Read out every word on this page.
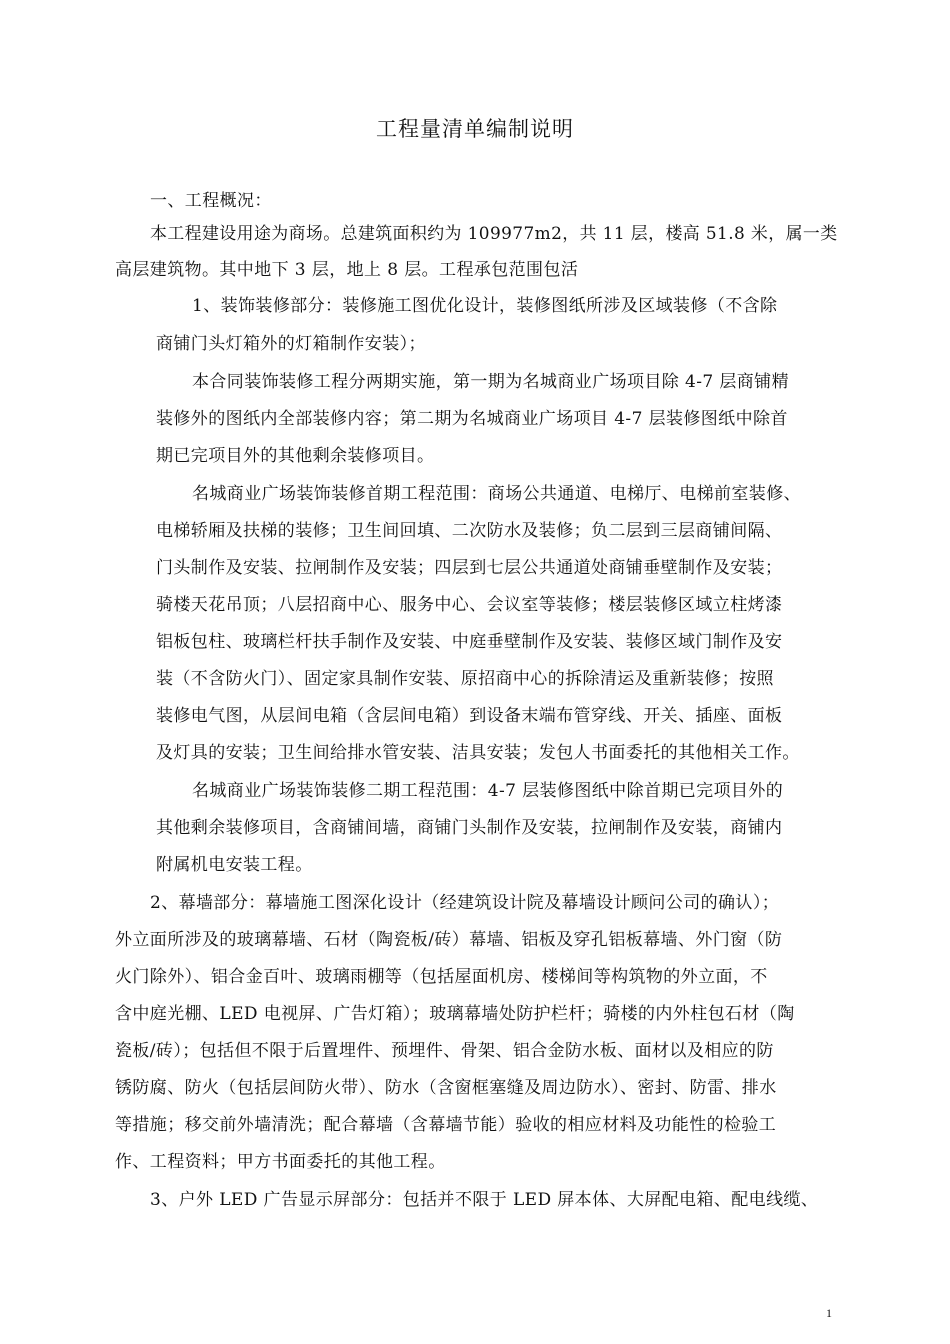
工程量清单编制说明
一、工程概况：
本工程建设用途为商场。总建筑面积约为 109977m2，共 11 层，楼高 51.8 米，属一类
高层建筑物。其中地下 3 层，地上 8 层。工程承包范围包活
1、装饰装修部分：装修施工图优化设计，装修图纸所涉及区域装修（不含除
商铺门头灯箱外的灯箱制作安装）；
本合同装饰装修工程分两期实施，第一期为名城商业广场项目除 4-7 层商铺精
装修外的图纸内全部装修内容；第二期为名城商业广场项目 4-7 层装修图纸中除首
期已完项目外的其他剩余装修项目。
名城商业广场装饰装修首期工程范围：商场公共通道、电梯厅、电梯前室装修、
电梯轿厢及扶梯的装修；卫生间回填、二次防水及装修；负二层到三层商铺间隔、
门头制作及安装、拉闸制作及安装；四层到七层公共通道处商铺垂壁制作及安装；
骑楼天花吊顶；八层招商中心、服务中心、会议室等装修；楼层装修区域立柱烤漆
铝板包柱、玻璃栏杆扶手制作及安装、中庭垂壁制作及安装、装修区域门制作及安
装（不含防火门）、固定家具制作安装、原招商中心的拆除清运及重新装修；按照
装修电气图，从层间电箱（含层间电箱）到设备末端布管穿线、开关、插座、面板
及灯具的安装；卫生间给排水管安装、洁具安装；发包人书面委托的其他相关工作。
名城商业广场装饰装修二期工程范围：4-7 层装修图纸中除首期已完项目外的
其他剩余装修项目，含商铺间墙，商铺门头制作及安装，拉闸制作及安装，商铺内
附属机电安装工程。
2、幕墙部分：幕墙施工图深化设计（经建筑设计院及幕墙设计顾问公司的确认）；
外立面所涉及的玻璃幕墙、石材（陶瓷板/砖）幕墙、铝板及穿孔铝板幕墙、外门窗（防
火门除外）、铝合金百叶、玻璃雨棚等（包括屋面机房、楼梯间等构筑物的外立面，不
含中庭光棚、LED 电视屏、广告灯箱）；玻璃幕墙处防护栏杆；骑楼的内外柱包石材（陶
瓷板/砖）；包括但不限于后置埋件、预埋件、骨架、铝合金防水板、面材以及相应的防
锈防腐、防火（包括层间防火带）、防水（含窗框塞缝及周边防水）、密封、防雷、排水
等措施；移交前外墙清洗；配合幕墙（含幕墙节能）验收的相应材料及功能性的检验工
作、工程资料；甲方书面委托的其他工程。
3、户外 LED 广告显示屏部分：包括并不限于 LED 屏本体、大屏配电箱、配电线缆、
1
